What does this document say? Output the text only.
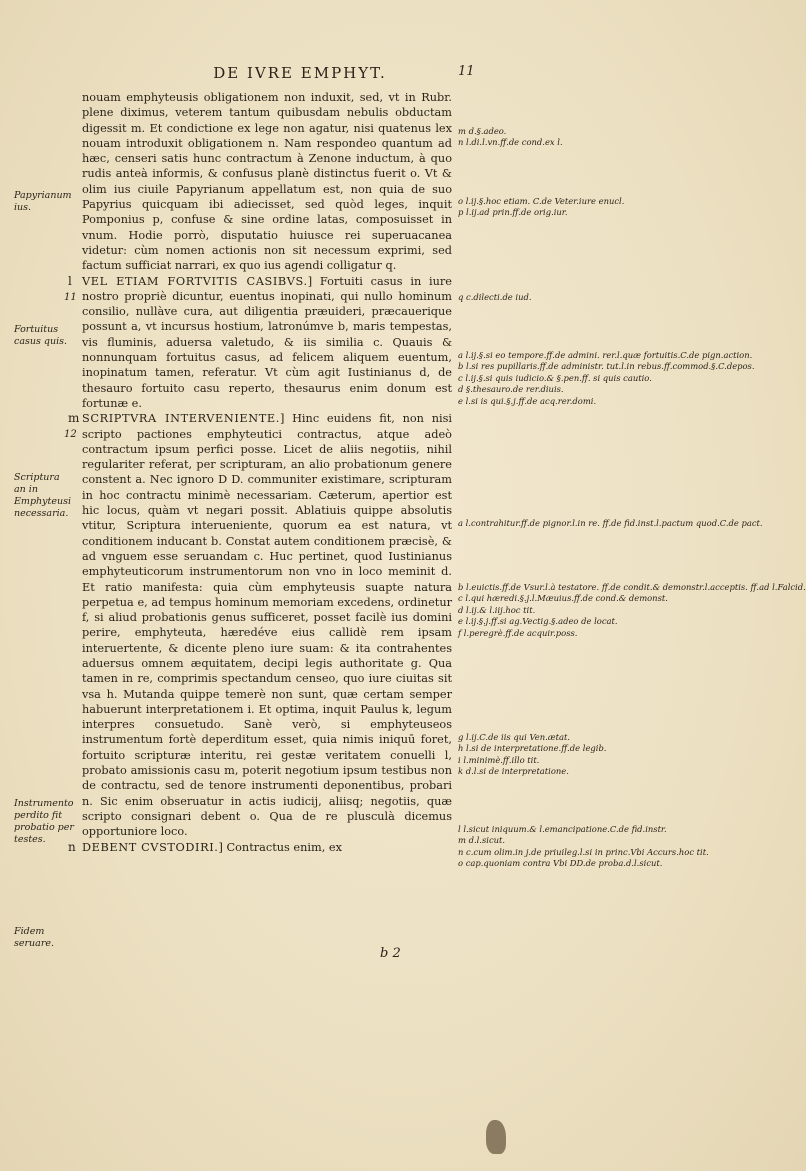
DE IVRE EMPHYT.	11
Papyrianum ius.
Fortuitus casus quis.
Scriptura an in Emphyteusi necessaria.
Instrumento perdito fit probatio per testes.
Fidem seruare.

nouam emphyteusis obligationem non induxit, sed, vt in Rubr. plene diximus, veterem tantum quibusdam nebulis obductam digessit m. Et condictione ex lege non agatur, nisi quatenus lex nouam introduxit obligationem n. Nam respondeo quantum ad hæc, censeri satis hunc contractum à Zenone inductum, à quo rudis anteà informis, & confusus planè distinctus fuerit o. Vt & olim ius ciuile Papyrianum appellatum est, non quia de suo Papyrius quicquam ibi adiecisset, sed quòd leges, inquit Pomponius p, confuse & sine ordine latas, composuisset in vnum. Hodie porrò, disputatio huiusce rei superuacanea videtur: cùm nomen actionis non sit necessum exprimi, sed factum sufficiat narrari, ex quo ius agendi colligatur q.

l
11
VEL ETIAM FORTVITIS CASIBVS.] Fortuiti casus in iure nostro propriè dicuntur, euentus inopinati, qui nullo hominum consilio, nullàve cura, aut diligentia præuideri, præcauerique possunt a, vt incursus hostium, latronúmve b, maris tempestas, vis fluminis, aduersa valetudo, & iis similia c. Quauis & nonnunquam fortuitus casus, ad felicem aliquem euentum, inopinatum tamen, referatur. Vt cùm agit Iustinianus d, de thesauro fortuito casu reperto, thesaurus enim donum est fortunæ e.

m
12
SCRIPTVRA INTERVENIENTE.] Hinc euidens fit, non nisi scripto pactiones emphyteutici contractus, atque adeò contractum ipsum perfici posse. Licet de aliis negotiis, nihil regulariter referat, per scripturam, an alio probationum genere constent a. Nec ignoro D D. communiter existimare, scripturam in hoc contractu minimè necessariam. Cæterum, apertior est hic locus, quàm vt negari possit. Ablatiuis quippe absolutis vtitur, Scriptura interueniente, quorum ea est natura, vt conditionem inducant b. Constat autem conditionem præcisè, & ad vnguem esse seruandam c. Huc pertinet, quod Iustinianus emphyteuticorum instrumentorum non vno in loco meminit d. Et ratio manifesta: quia cùm emphyteusis suapte natura perpetua e, ad tempus hominum memoriam excedens, ordinetur f, si aliud probationis genus sufficeret, posset facilè ius domini perire, emphyteuta, hæredéve eius callidè rem ipsam interuertente, & dicente pleno iure suam: & ita contrahentes aduersus omnem æquitatem, decipi legis authoritate g. Qua tamen in re, comprimis spectandum censeo, quo iure ciuitas sit vsa h. Mutanda quippe temerè non sunt, quæ certam semper habuerunt interpretationem i. Et optima, inquit Paulus k, legum interpres consuetudo. Sanè verò, si emphyteuseos instrumentum fortè deperditum esset, quia nimis iniquū foret, fortuito scripturæ interitu, rei gestæ veritatem conuelli l, probato amissionis casu m, poterit negotium ipsum testibus non de contractu, sed de tenore instrumenti deponentibus, probari n. Sic enim obseruatur in actis iudicij, aliisq; negotiis, quæ scripto consignari debent o. Qua de re plusculà dicemus opportuniore loco.

n DEBENT CVSTODIRI.] Contractus enim, ex

m d.§.adeo.
n l.di.l.vn.ff.de cond.ex l.
o l.ij.§.hoc etiam. C.de Veter.iure enucl.
p l.ij.ad prin.ff.de orig.iur.
q c.dilecti.de iud.
a l.ij.§.si eo tempore.ff.de admini. rer.l.quæ fortuitis.C.de pign.action.
b l.si res pupillaris.ff.de administr. tut.l.in rebus.ff.commod.§.C.depos.
c l.ij.§.si quis iudicio.& §.pen.ff. si quis cautio.
d §.thesauro.de rer.diuis.
e l.si is qui.§.j.ff.de acq.rer.domi.
a l.contrahitur.ff.de pignor.l.in re. ff.de fid.inst.l.pactum quod.C.de pact.
b l.euictis.ff.de Vsur.l.à testatore. ff.de condit.& demonstr.l.acceptis. ff.ad l.Falcid.
c l.qui hæredi.§.j.l.Mæuius.ff.de cond.& demonst.
d l.ij.& l.iij.hoc tit.
e l.ij.§.j.ff.si ag.Vectig.§.adeo de locat.
f l.peregrè.ff.de acquir.poss.
g l.ij.C.de iis qui Ven.ætat.
h l.si de interpretatione.ff.de legib.
i l.minimè.ff.illo tit.
k d.l.si de interpretatione.
l l.sicut iniquum.& l.emancipatione.C.de fid.instr.
m d.l.sicut.
n c.cum olim.in j.de priuileg.l.si in princ.Vbi Accurs.hoc tit.
o cap.quoniam contra Vbi DD.de proba.d.l.sicut.
b 2
